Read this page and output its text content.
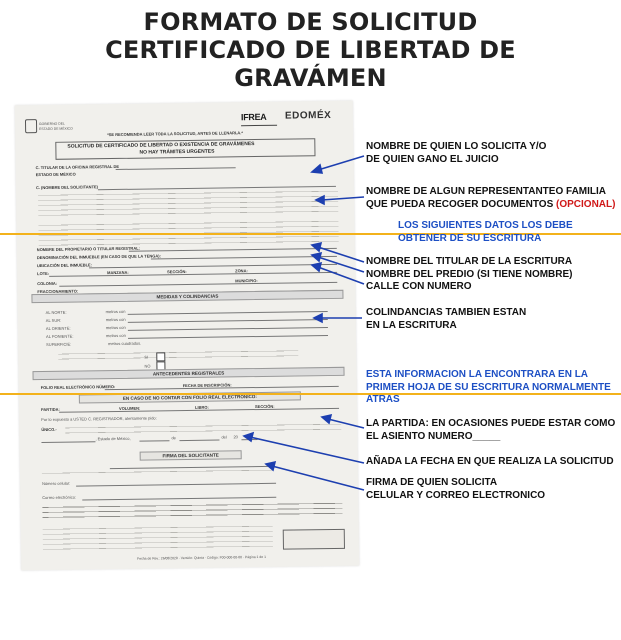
FORMATO DE SOLICITUD
CERTIFICADO DE LIBERTAD DE
GRAVÁMEN
GOBIERNO DEL ESTADO DE MÉXICO
IFREA EDOMÉX
*SE RECOMIENDA LEER TODA LA SOLICITUD, ANTES DE LLENARLA.*
SOLICITUD DE CERTIFICADO DE LIBERTAD O EXISTENCIA DE GRAVÁMENES
NO HAY TRÁMITES URGENTES
C. TITULAR DE LA OFICINA REGISTRAL DE
ESTADO DE MÉXICO
C. (NOMBRE DEL SOLICITANTE)
NOMBRE DEL PROPIETARIO O TITULAR REGISTRAL:
DENOMINACIÓN DEL INMUEBLE (EN CASO DE QUE LA TENGA):
UBICACIÓN DEL INMUEBLE:
LOTE:	MANZANA:	SECCIÓN:	ZONA:
COLONIA:
MUNICIPIO:
FRACCIONAMIENTO:
MEDIDAS Y COLINDANCIAS
AL NORTE:	metros con
AL SUR:	metros con
AL ORIENTE:	metros con
AL PONIENTE:	metros con
SUPERFICIE:	metros cuadrados.
SI
NO
ANTECEDENTES REGISTRALES
FOLIO REAL ELECTRÓNICO NÚMERO:	FECHA DE INSCRIPCIÓN:
EN CASO DE NO CONTAR CON FOLIO REAL ELECTRÓNICO:
PARTIDA:	VOLUMEN:	LIBRO:	SECCIÓN:
Por lo expuesto a USTED C. REGISTRADOR, atentamente pido:
ÚNICO.-
, Estado de México,	de	del 20
FIRMA DEL SOLICITANTE
Número celular:
Correo electrónico:
Fecha de Rev.: 26/08/2020 · Versión: Quinta · Código: F00-000-00-00 · Página 1 de 1
NOMBRE DE QUIEN LO SOLICITA Y/O
DE QUIEN GANO EL JUICIO
NOMBRE DE ALGUN REPRESENTANTEO FAMILIA
QUE PUEDA RECOGER DOCUMENTOS (OPCIONAL)
LOS SIGUIENTES DATOS LOS DEBE
OBTENER DE SU ESCRITURA
NOMBRE DEL TITULAR DE LA ESCRITURA
NOMBRE DEL PREDIO (SI TIENE NOMBRE)
CALLE CON NUMERO
COLINDANCIAS TAMBIEN ESTAN
EN LA ESCRITURA
ESTA INFORMACION LA ENCONTRARA EN LA
PRIMER HOJA DE SU ESCRITURA NORMALMENTE
ATRAS
LA PARTIDA: EN OCASIONES PUEDE ESTAR COMO
EL ASIENTO NUMERO_____
AÑADA LA FECHA EN QUE REALIZA LA SOLICITUD
FIRMA DE QUIEN SOLICITA
CELULAR Y CORREO ELECTRONICO
